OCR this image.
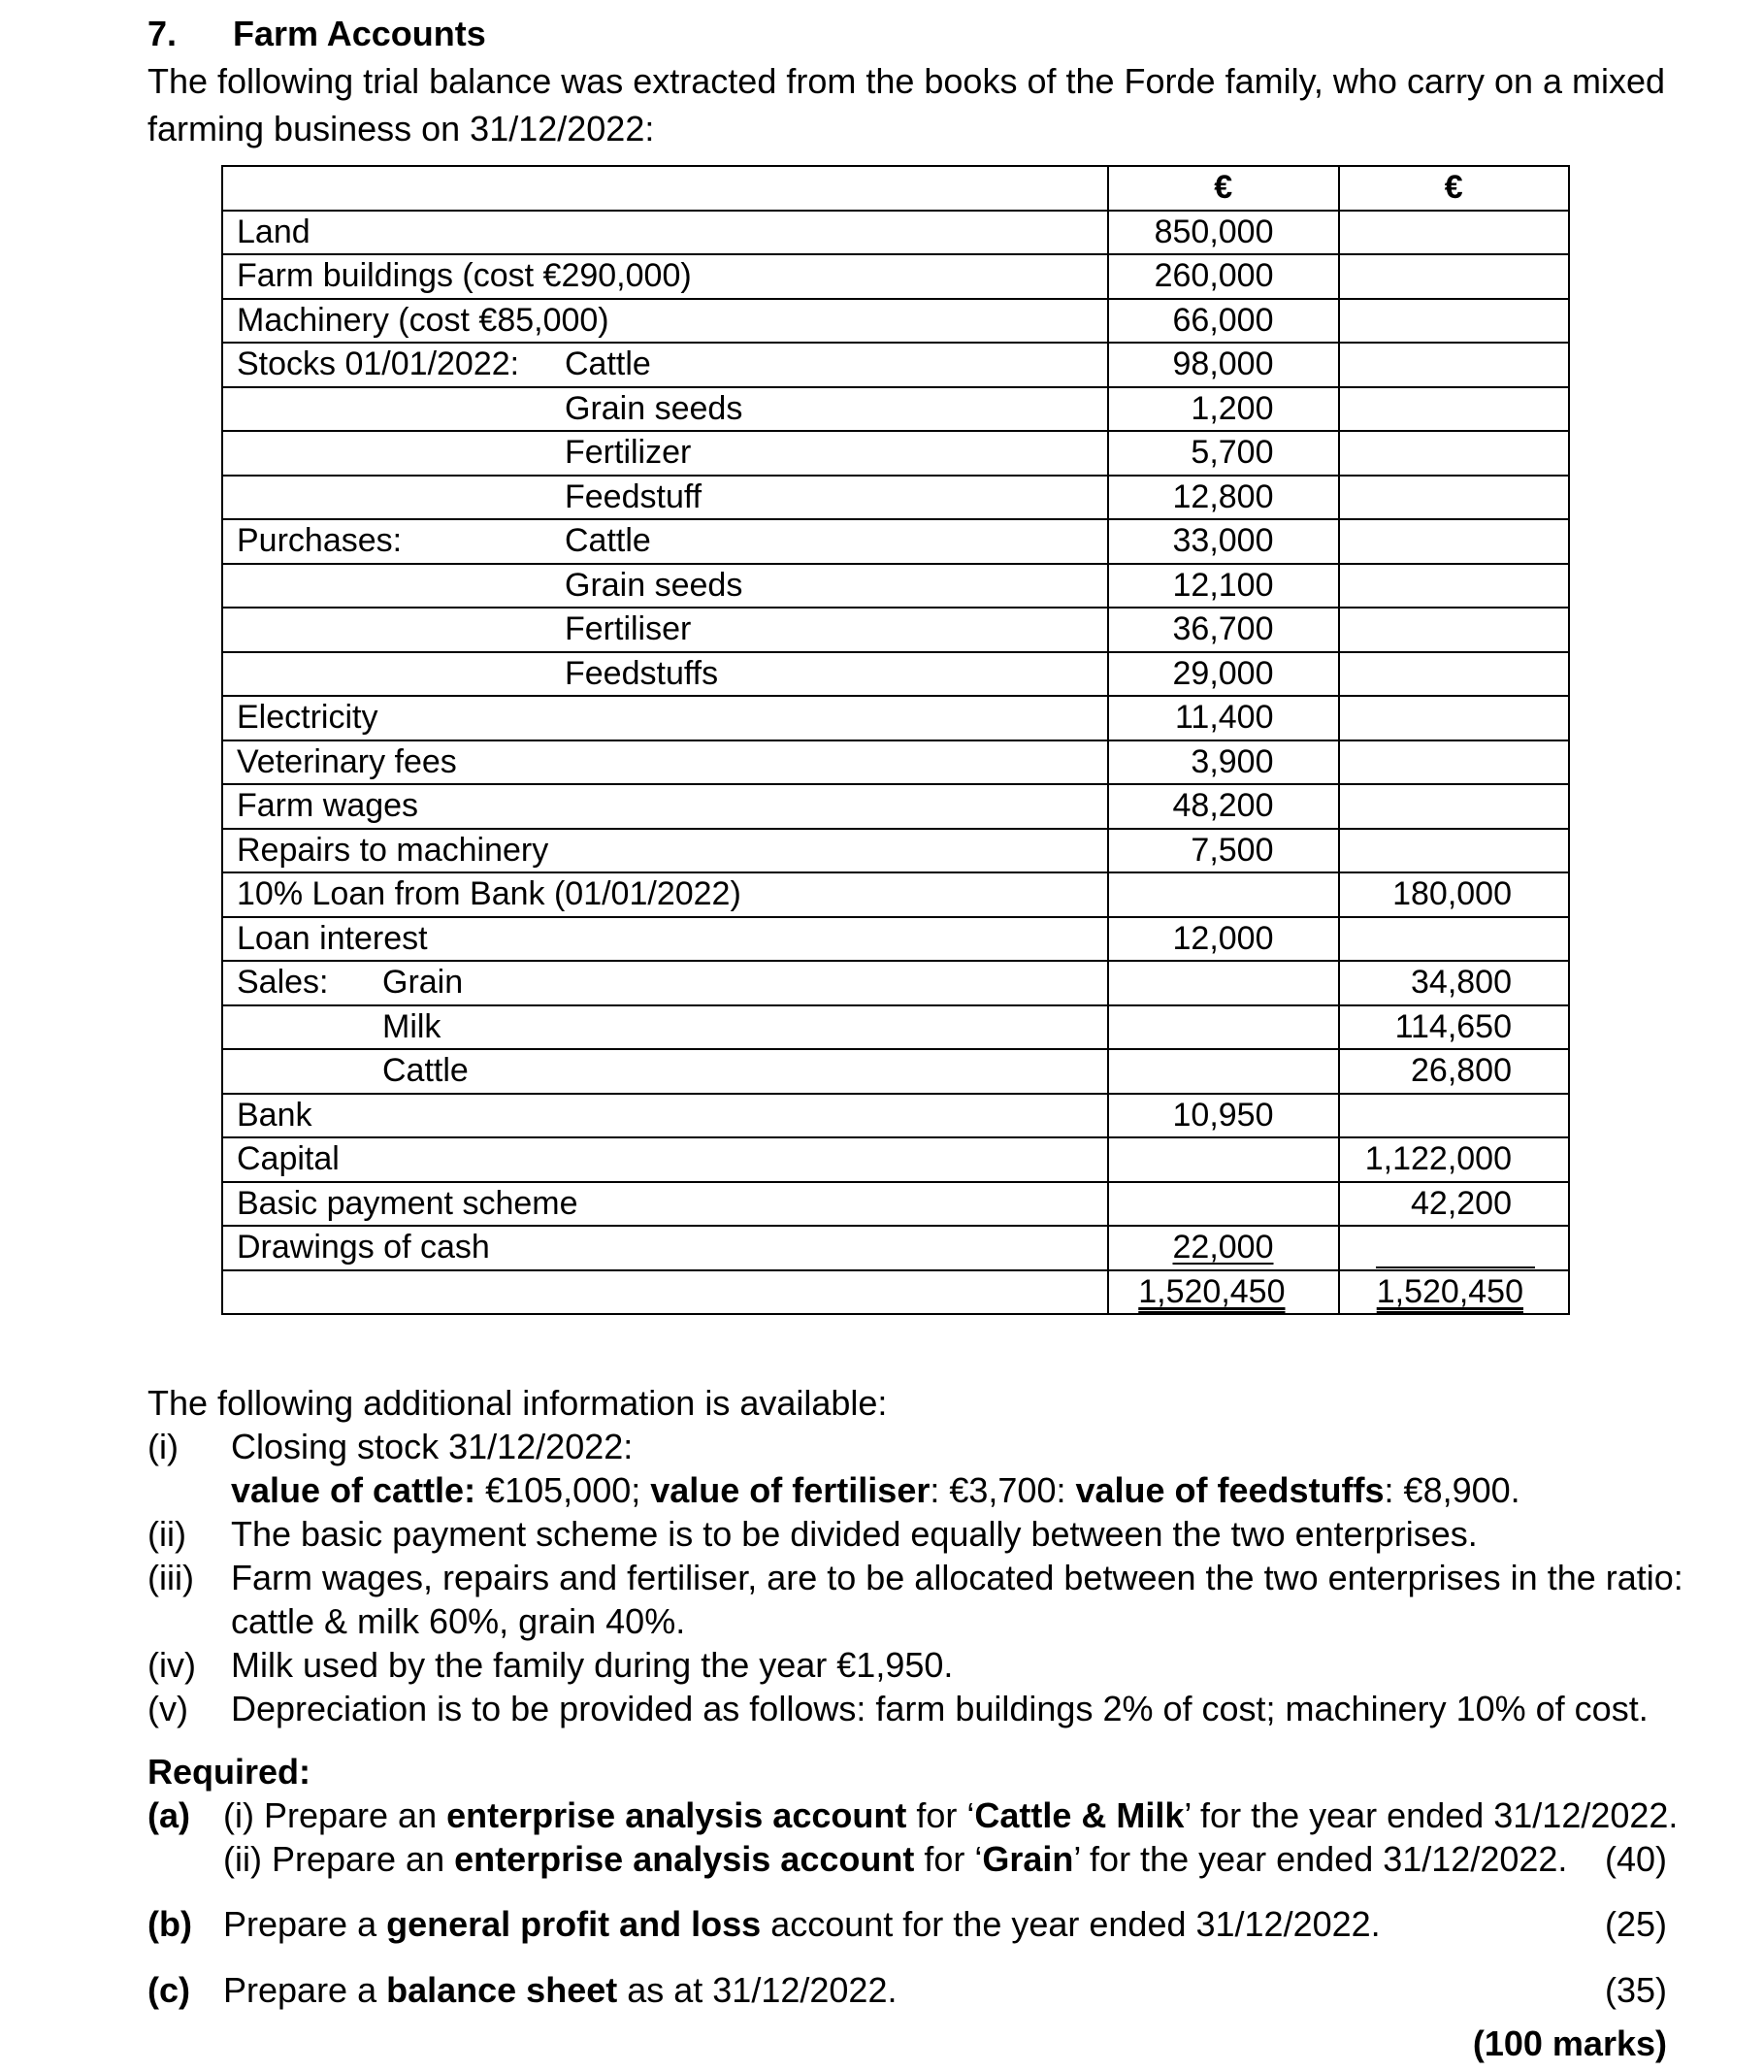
7. Farm Accounts
The following trial balance was extracted from the books of the Forde family, who carry on a mixed
farming business on 31/12/2022:
	€	€
Land	850,000	
Farm buildings (cost €290,000)	260,000	
Machinery (cost €85,000)	66,000	
Stocks 01/01/2022: Cattle	98,000	

Grain seeds	1,200	

Fertilizer	5,700	

Feedstuff	12,800	
Purchases: Cattle	33,000	

Grain seeds	12,100	

Fertiliser	36,700	

Feedstuffs	29,000	
Electricity	11,400	
Veterinary fees	3,900	
Farm wages	48,200	
Repairs to machinery	7,500	
10% Loan from Bank (01/01/2022)		180,000
Loan interest	12,000	
Sales: Grain		34,800

Milk		114,650

Cattle		26,800
Bank	10,950	
Capital		1,122,000
Basic payment scheme		42,200
Drawings of cash	22,000	
	1,520,450	1,520,450
The following additional information is available:
(i) Closing stock 31/12/2022:
value of cattle: €105,000; value of fertiliser: €3,700: value of feedstuffs: €8,900.
(ii) The basic payment scheme is to be divided equally between the two enterprises.
(iii) Farm wages, repairs and fertiliser, are to be allocated between the two enterprises in the ratio:
cattle & milk 60%, grain 40%.
(iv) Milk used by the family during the year €1,950.
(v) Depreciation is to be provided as follows: farm buildings 2% of cost; machinery 10% of cost.
Required:
(a) (i) Prepare an enterprise analysis account for ‘Cattle & Milk’ for the year ended 31/12/2022.
(ii) Prepare an enterprise analysis account for ‘Grain’ for the year ended 31/12/2022. (40)
(b) Prepare a general profit and loss account for the year ended 31/12/2022.	(25)
(c) Prepare a balance sheet as at 31/12/2022.	(35)
(100 marks)
